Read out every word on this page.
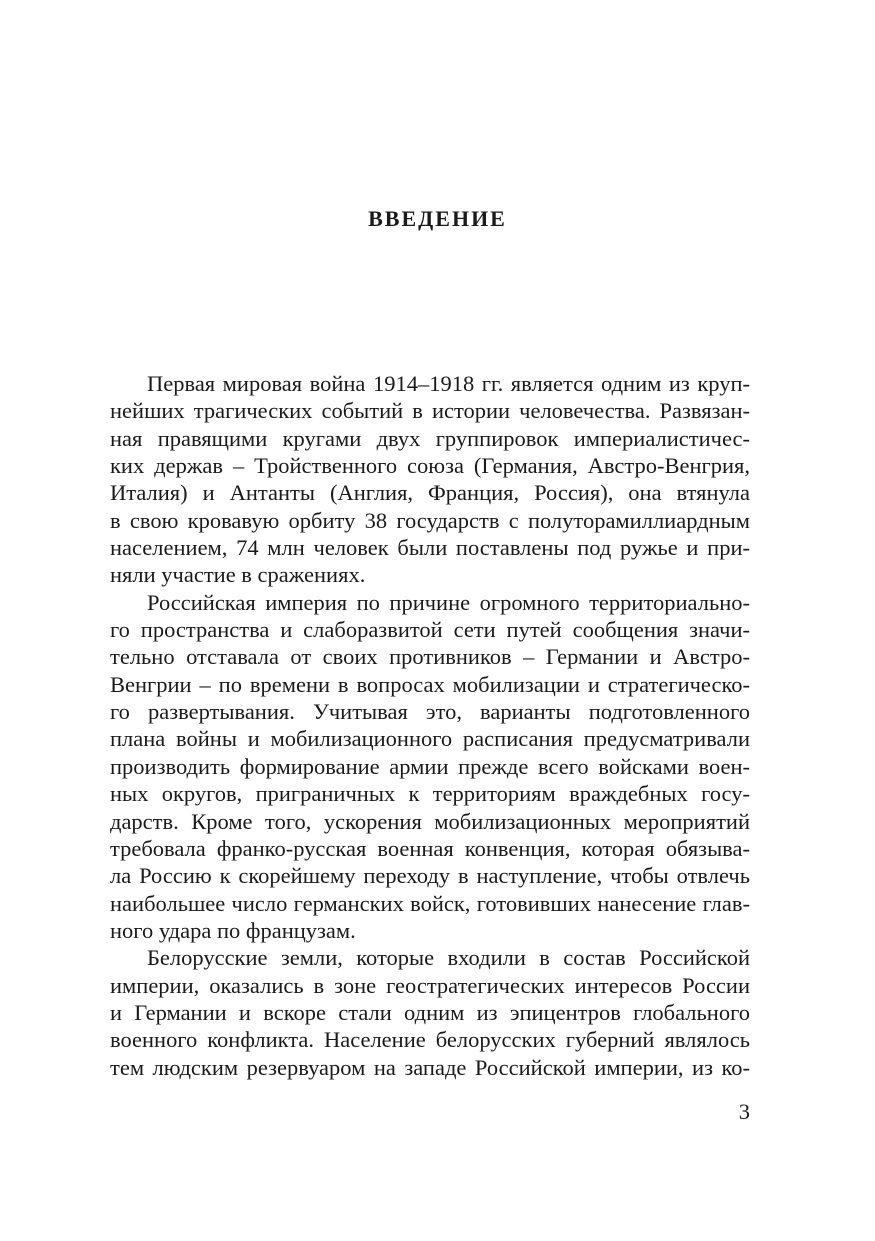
ВВЕДЕНИЕ
Первая мировая война 1914–1918 гг. является одним из круп-
нейших трагических событий в истории человечества. Развязан-
ная правящими кругами двух группировок империалистичес-
ких держав – Тройственного союза (Германия, Австро-Венгрия,
Италия) и Антанты (Англия, Франция, Россия), она втянула
в свою кровавую орбиту 38 государств с полуторамиллиардным
населением, 74 млн человек были поставлены под ружье и при-
няли участие в сражениях.
Российская империя по причине огромного территориально-
го пространства и слаборазвитой сети путей сообщения значи-
тельно отставала от своих противников – Германии и Австро-
Венгрии – по времени в вопросах мобилизации и стратегическо-
го развертывания. Учитывая это, варианты подготовленного
плана войны и мобилизационного расписания предусматривали
производить формирование армии прежде всего войсками воен-
ных округов, приграничных к территориям враждебных госу-
дарств. Кроме того, ускорения мобилизационных мероприятий
требовала франко-русская военная конвенция, которая обязыва-
ла Россию к скорейшему переходу в наступление, чтобы отвлечь
наибольшее число германских войск, готовивших нанесение глав-
ного удара по французам.
Белорусские земли, которые входили в состав Российской
империи, оказались в зоне геостратегических интересов России
и Германии и вскоре стали одним из эпицентров глобального
военного конфликта. Население белорусских губерний являлось
тем людским резервуаром на западе Российской империи, из ко-
3
